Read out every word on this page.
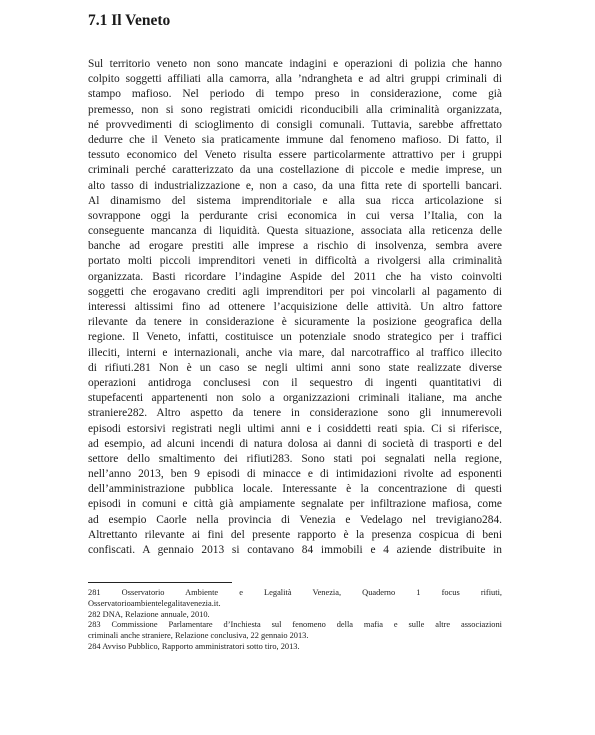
7.1 Il Veneto
Sul territorio veneto non sono mancate indagini e operazioni di polizia che hanno
colpito soggetti affiliati alla camorra, alla ’ndrangheta e ad altri gruppi criminali di
stampo mafioso. Nel periodo di tempo preso in considerazione, come già
premesso, non si sono registrati omicidi riconducibili alla criminalità organizzata,
né provvedimenti di scioglimento di consigli comunali. Tuttavia, sarebbe affrettato
dedurre che il Veneto sia praticamente immune dal fenomeno mafioso. Di fatto, il
tessuto economico del Veneto risulta essere particolarmente attrattivo per i gruppi
criminali perché caratterizzato da una costellazione di piccole e medie imprese, un
alto tasso di industrializzazione e, non a caso, da una fitta rete di sportelli bancari.
Al dinamismo del sistema imprenditoriale e alla sua ricca articolazione si
sovrappone oggi la perdurante crisi economica in cui versa l’Italia, con la
conseguente mancanza di liquidità. Questa situazione, associata alla reticenza delle
banche ad erogare prestiti alle imprese a rischio di insolvenza, sembra avere
portato molti piccoli imprenditori veneti in difficoltà a rivolgersi alla criminalità
organizzata. Basti ricordare l’indagine Aspide del 2011 che ha visto coinvolti
soggetti che erogavano crediti agli imprenditori per poi vincolarli al pagamento di
interessi altissimi fino ad ottenere l’acquisizione delle attività. Un altro fattore
rilevante da tenere in considerazione è sicuramente la posizione geografica della
regione. Il Veneto, infatti, costituisce un potenziale snodo strategico per i traffici
illeciti, interni e internazionali, anche via mare, dal narcotraffico al traffico illecito
di rifiuti.281 Non è un caso se negli ultimi anni sono state realizzate diverse
operazioni antidroga conclusesi con il sequestro di ingenti quantitativi di
stupefacenti appartenenti non solo a organizzazioni criminali italiane, ma anche
straniere282. Altro aspetto da tenere in considerazione sono gli innumerevoli
episodi estorsivi registrati negli ultimi anni e i cosiddetti reati spia. Ci si riferisce,
ad esempio, ad alcuni incendi di natura dolosa ai danni di società di trasporti e del
settore dello smaltimento dei rifiuti283. Sono stati poi segnalati nella regione,
nell’anno 2013, ben 9 episodi di minacce e di intimidazioni rivolte ad esponenti
dell’amministrazione pubblica locale. Interessante è la concentrazione di questi
episodi in comuni e città già ampiamente segnalate per infiltrazione mafiosa, come
ad esempio Caorle nella provincia di Venezia e Vedelago nel trevigiano284.
Altrettanto rilevante ai fini del presente rapporto è la presenza cospicua di beni
confiscati. A gennaio 2013 si contavano 84 immobili e 4 aziende distribuite in
281 Osservatorio Ambiente e Legalità Venezia, Quaderno 1 focus rifiuti,
Osservatorioambientelegalitavenezia.it.
282 DNA, Relazione annuale, 2010.
283 Commissione Parlamentare d’Inchiesta sul fenomeno della mafia e sulle altre associazioni
criminali anche straniere, Relazione conclusiva, 22 gennaio 2013.
284 Avviso Pubblico, Rapporto amministratori sotto tiro, 2013.
